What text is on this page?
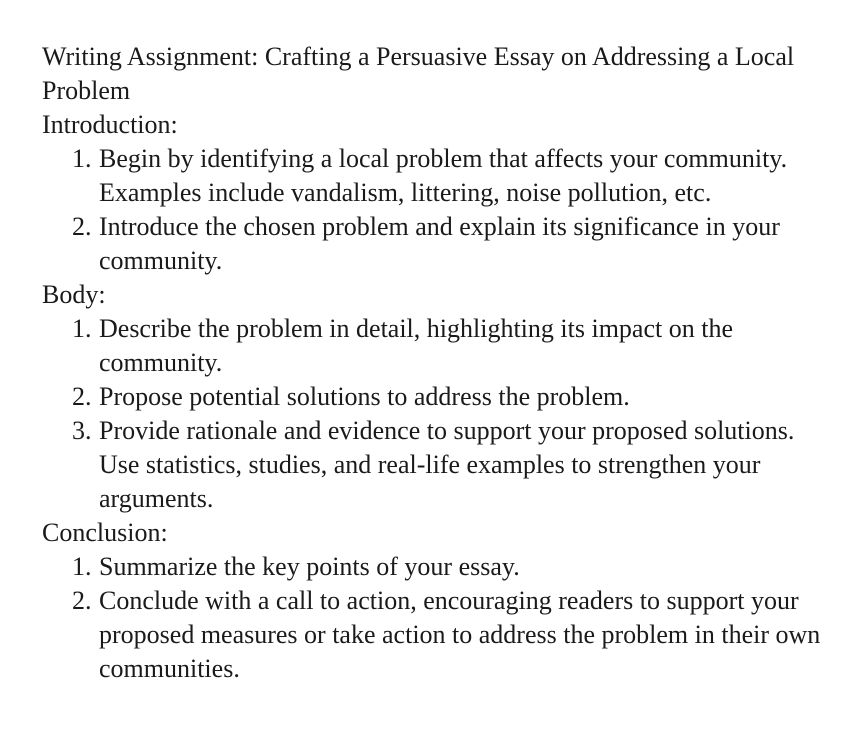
Writing Assignment: Crafting a Persuasive Essay on Addressing a Local Problem
Introduction:
1. Begin by identifying a local problem that affects your community. Examples include vandalism, littering, noise pollution, etc.
2. Introduce the chosen problem and explain its significance in your community.
Body:
1. Describe the problem in detail, highlighting its impact on the community.
2. Propose potential solutions to address the problem.
3. Provide rationale and evidence to support your proposed solutions. Use statistics, studies, and real-life examples to strengthen your arguments.
Conclusion:
1. Summarize the key points of your essay.
2. Conclude with a call to action, encouraging readers to support your proposed measures or take action to address the problem in their own communities.
